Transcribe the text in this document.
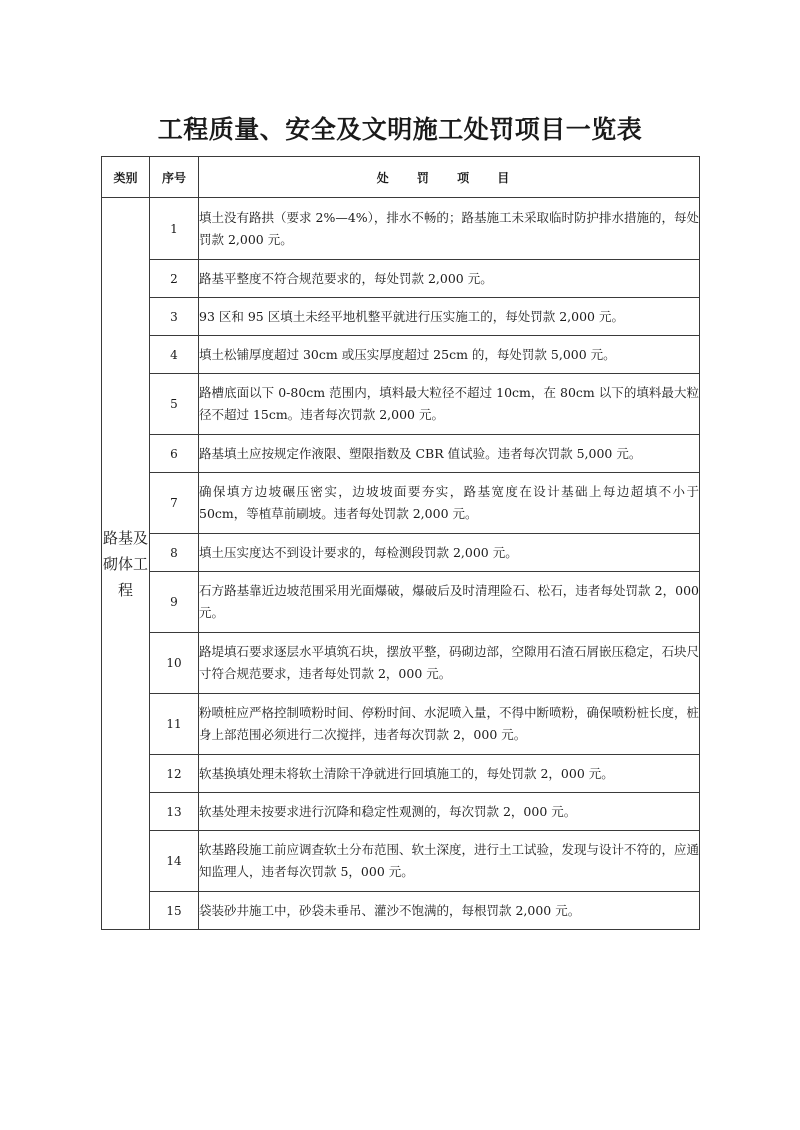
工程质量、安全及文明施工处罚项目一览表
类别	序号	处 罚 项 目
路基及砌体工程	1	填土没有路拱（要求 2%—4%），排水不畅的；路基施工未采取临时防护排水措施的，每处罚款 2,000 元。
	2	路基平整度不符合规范要求的，每处罚款 2,000 元。
	3	93 区和 95 区填土未经平地机整平就进行压实施工的，每处罚款 2,000 元。
	4	填土松铺厚度超过 30cm 或压实厚度超过 25cm 的，每处罚款 5,000 元。
	5	路槽底面以下 0-80cm 范围内，填料最大粒径不超过 10cm，在 80cm 以下的填料最大粒径不超过 15cm。违者每次罚款 2,000 元。
	6	路基填土应按规定作液限、塑限指数及 CBR 值试验。违者每次罚款 5,000 元。
	7	确保填方边坡碾压密实，边坡坡面要夯实，路基宽度在设计基础上每边超填不小于 50cm，等植草前刷坡。违者每处罚款 2,000 元。
	8	填土压实度达不到设计要求的，每检测段罚款 2,000 元。
	9	石方路基靠近边坡范围采用光面爆破，爆破后及时清理险石、松石，违者每处罚款 2，000 元。
	10	路堤填石要求逐层水平填筑石块，摆放平整，码砌边部，空隙用石渣石屑嵌压稳定，石块尺寸符合规范要求，违者每处罚款 2，000 元。
	11	粉喷桩应严格控制喷粉时间、停粉时间、水泥喷入量，不得中断喷粉，确保喷粉桩长度，桩身上部范围必须进行二次搅拌，违者每次罚款 2，000 元。
	12	软基换填处理未将软土清除干净就进行回填施工的，每处罚款 2，000 元。
	13	软基处理未按要求进行沉降和稳定性观测的，每次罚款 2，000 元。
	14	软基路段施工前应调查软土分布范围、软土深度，进行土工试验，发现与设计不符的，应通知监理人，违者每次罚款 5，000 元。
	15	袋装砂井施工中，砂袋未垂吊、灌沙不饱满的，每根罚款 2,000 元。
